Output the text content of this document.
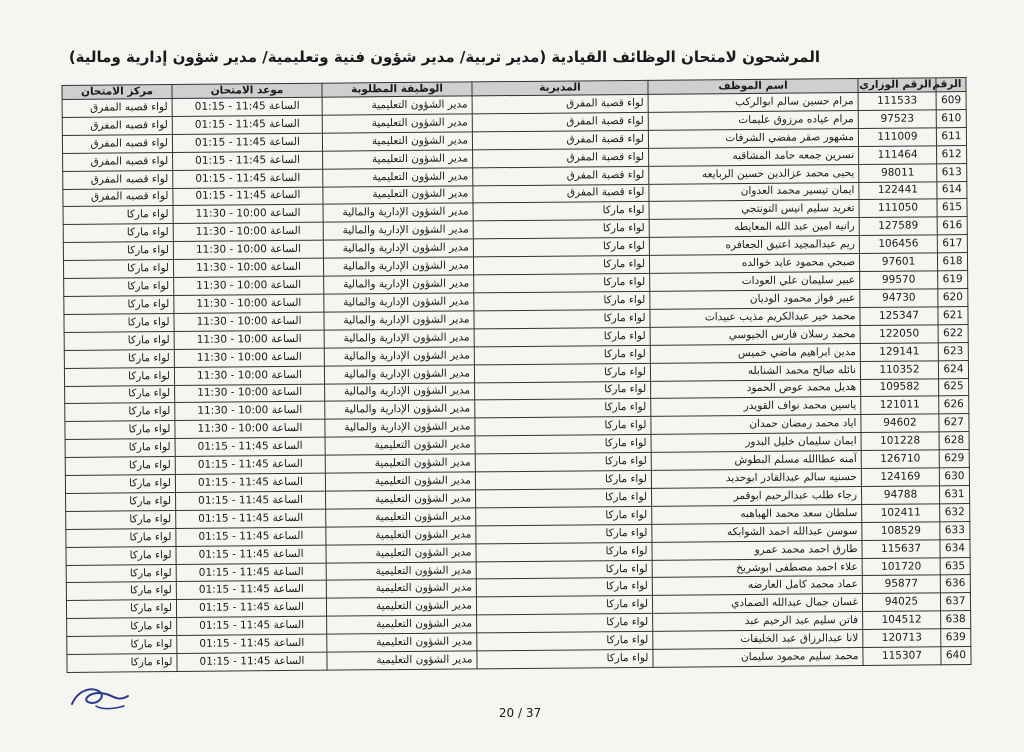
المرشحون لامتحان الوظائف القيادية (مدير تربية/ مدير شؤون فنية وتعليمية/ مدير شؤون إدارية ومالية)
الرقم	الرقم الوزاري	اسم الموظف	المديرية	الوظيفة المطلوبة	موعد الامتحان	مركز الامتحان
609	111533	مرام حسين سالم ابوالركب	لواء قصبة المفرق	مدير الشؤون التعليمية	الساعة 11:45 - 01:15	لواء قصبه المفرق
610	97523	مرام عياده مرزوق عليمات	لواء قصبة المفرق	مدير الشؤون التعليمية	الساعة 11:45 - 01:15	لواء قصبه المفرق
611	111009	مشهور صقر مفضي الشرفات	لواء قصبة المفرق	مدير الشؤون التعليمية	الساعة 11:45 - 01:15	لواء قصبه المفرق
612	111464	نسرين جمعه حامد المشاقبه	لواء قصبة المفرق	مدير الشؤون التعليمية	الساعة 11:45 - 01:15	لواء قصبه المفرق
613	98011	يحيى محمد عزالدين حسين الربايعه	لواء قصبة المفرق	مدير الشؤون التعليمية	الساعة 11:45 - 01:15	لواء قصبه المفرق
614	122441	ايمان تيسير محمد العدوان	لواء قصبة المفرق	مدير الشؤون التعليمية	الساعة 11:45 - 01:15	لواء قصبه المفرق
615	111050	تغريد سليم انيس التونتجي	لواء ماركا	مدير الشؤون الإدارية والمالية	الساعة 10:00 - 11:30	لواء ماركا
616	127589	رانيه امين عبد الله المعايطه	لواء ماركا	مدير الشؤون الإدارية والمالية	الساعة 10:00 - 11:30	لواء ماركا
617	106456	ريم عبدالمجيد اعتيق الجعافره	لواء ماركا	مدير الشؤون الإدارية والمالية	الساعة 10:00 - 11:30	لواء ماركا
618	97601	صبحي محمود عايد خوالده	لواء ماركا	مدير الشؤون الإدارية والمالية	الساعة 10:00 - 11:30	لواء ماركا
619	99570	عبير سليمان علي العودات	لواء ماركا	مدير الشؤون الإدارية والمالية	الساعة 10:00 - 11:30	لواء ماركا
620	94730	عبير فواز محمود الوديان	لواء ماركا	مدير الشؤون الإدارية والمالية	الساعة 10:00 - 11:30	لواء ماركا
621	125347	محمد خير عبدالكريم مذيب عبيدات	لواء ماركا	مدير الشؤون الإدارية والمالية	الساعة 10:00 - 11:30	لواء ماركا
622	122050	محمد رسلان فارس الجيوسي	لواء ماركا	مدير الشؤون الإدارية والمالية	الساعة 10:00 - 11:30	لواء ماركا
623	129141	مدين ابراهيم ماضي خميس	لواء ماركا	مدير الشؤون الإدارية والمالية	الساعة 10:00 - 11:30	لواء ماركا
624	110352	نائله صالح محمد الشنابله	لواء ماركا	مدير الشؤون الإدارية والمالية	الساعة 10:00 - 11:30	لواء ماركا
625	109582	هديل محمد عوض الحمود	لواء ماركا	مدير الشؤون الإدارية والمالية	الساعة 10:00 - 11:30	لواء ماركا
626	121011	ياسين محمد نواف القويدر	لواء ماركا	مدير الشؤون الإدارية والمالية	الساعة 10:00 - 11:30	لواء ماركا
627	94602	اياد محمد رمضان حمدان	لواء ماركا	مدير الشؤون الإدارية والمالية	الساعة 10:00 - 11:30	لواء ماركا
628	101228	ايمان سليمان خليل البدور	لواء ماركا	مدير الشؤون التعليمية	الساعة 11:45 - 01:15	لواء ماركا
629	126710	آمنه عطاالله مسلم البطوش	لواء ماركا	مدير الشؤون التعليمية	الساعة 11:45 - 01:15	لواء ماركا
630	124169	حسنيه سالم عبدالقادر ابوحديد	لواء ماركا	مدير الشؤون التعليمية	الساعة 11:45 - 01:15	لواء ماركا
631	94788	رجاء طلب عبدالرحيم ابوقمر	لواء ماركا	مدير الشؤون التعليمية	الساعة 11:45 - 01:15	لواء ماركا
632	102411	سلطان سعد محمد الهباهبه	لواء ماركا	مدير الشؤون التعليمية	الساعة 11:45 - 01:15	لواء ماركا
633	108529	سوسن عبدالله احمد الشوابكه	لواء ماركا	مدير الشؤون التعليمية	الساعة 11:45 - 01:15	لواء ماركا
634	115637	طارق احمد محمد عمرو	لواء ماركا	مدير الشؤون التعليمية	الساعة 11:45 - 01:15	لواء ماركا
635	101720	علاء احمد مصطفى ابوشريخ	لواء ماركا	مدير الشؤون التعليمية	الساعة 11:45 - 01:15	لواء ماركا
636	95877	عماد محمد كامل العارضه	لواء ماركا	مدير الشؤون التعليمية	الساعة 11:45 - 01:15	لواء ماركا
637	94025	غسان جمال عبدالله الصمادي	لواء ماركا	مدير الشؤون التعليمية	الساعة 11:45 - 01:15	لواء ماركا
638	104512	فاتن سليم عبد الرحيم عبد	لواء ماركا	مدير الشؤون التعليمية	الساعة 11:45 - 01:15	لواء ماركا
639	120713	لانا عبدالرزاق عبد الخليفات	لواء ماركا	مدير الشؤون التعليمية	الساعة 11:45 - 01:15	لواء ماركا
640	115307	محمد سليم محمود سليمان	لواء ماركا	مدير الشؤون التعليمية	الساعة 11:45 - 01:15	لواء ماركا
20 / 37
